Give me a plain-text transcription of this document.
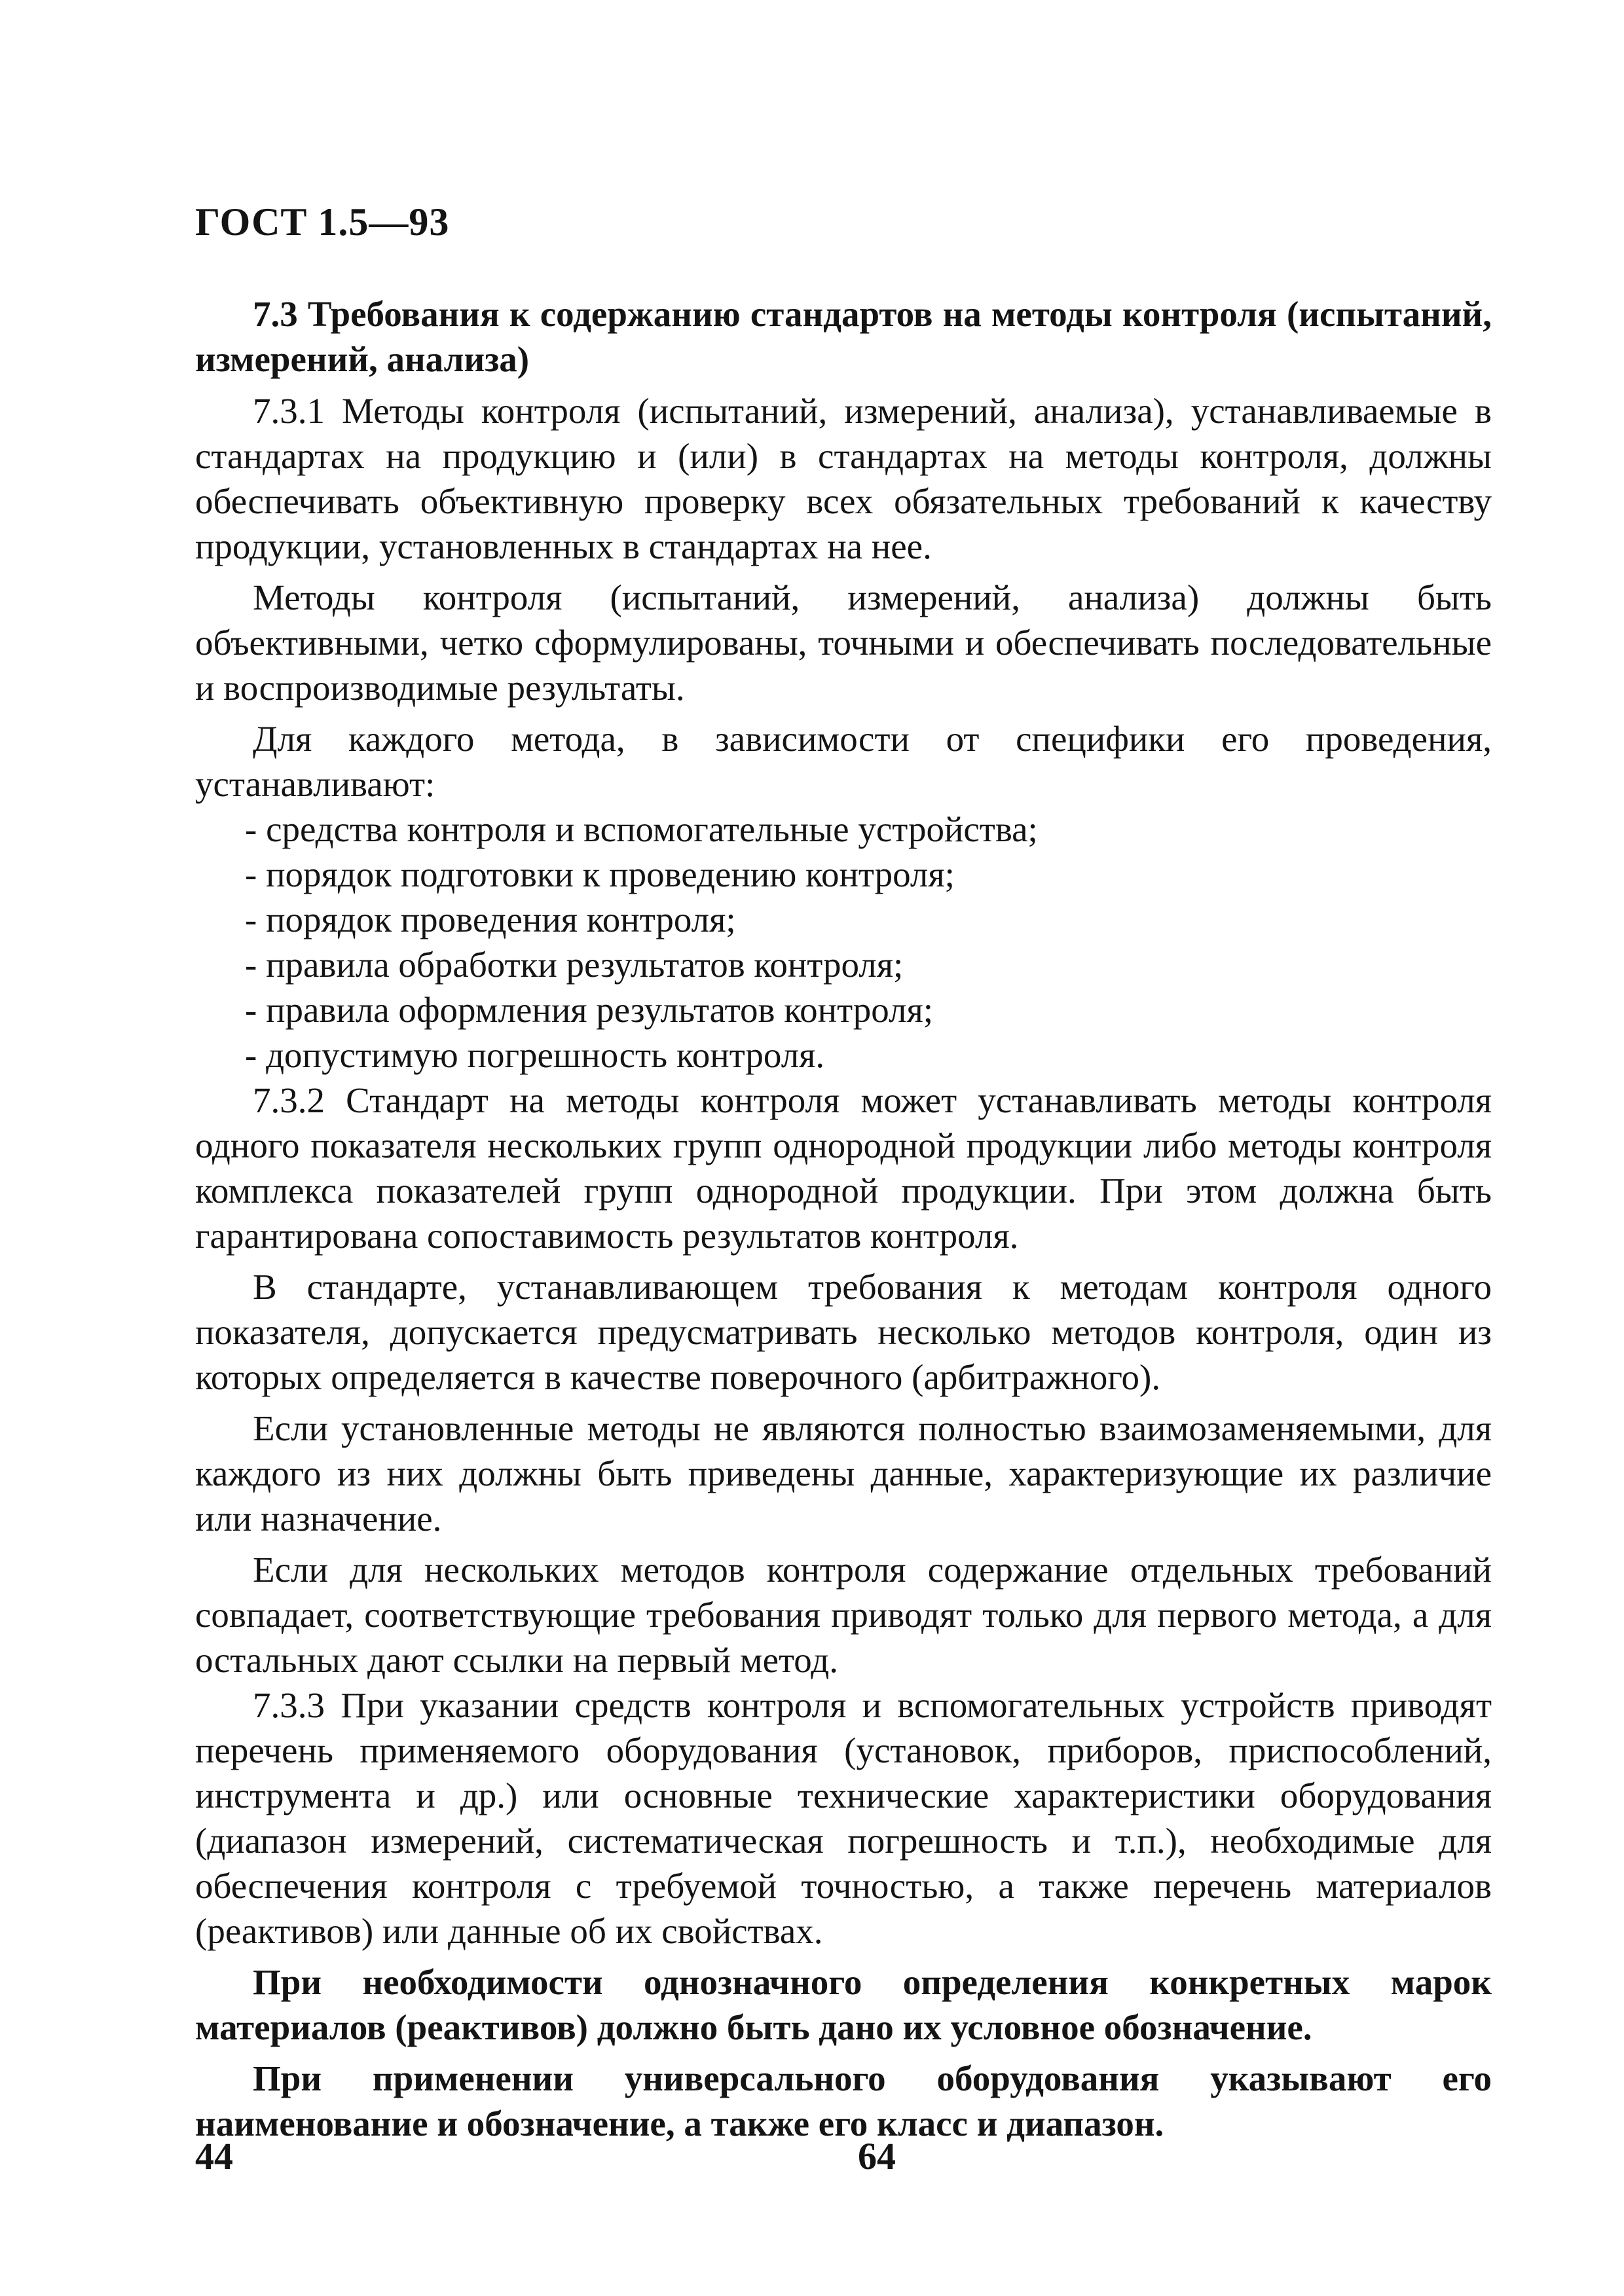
ГОСТ 1.5—93

7.3 Требования к содержанию стандартов на методы контроля (испытаний, измерений, анализа)

7.3.1 Методы контроля (испытаний, измерений, анализа), устанавливаемые в стандартах на продукцию и (или) в стандартах на методы контроля, должны обеспечивать объективную проверку всех обязательных требований к качеству продукции, установленных в стандартах на нее.

Методы контроля (испытаний, измерений, анализа) должны быть объективными, четко сформулированы, точными и обеспечивать последовательные и воспроизводимые результаты.

Для каждого метода, в зависимости от специфики его проведения, устанавливают:

- средства контроля и вспомогательные устройства;
- порядок подготовки к проведению контроля;
- порядок проведения контроля;
- правила обработки результатов контроля;
- правила оформления результатов контроля;
- допустимую погрешность контроля.

7.3.2 Стандарт на методы контроля может устанавливать методы контроля одного показателя нескольких групп однородной продукции либо методы контроля комплекса показателей групп однородной продукции. При этом должна быть гарантирована сопоставимость результатов контроля.

В стандарте, устанавливающем требования к методам контроля одного показателя, допускается предусматривать несколько методов контроля, один из которых определяется в качестве поверочного (арбитражного).

Если установленные методы не являются полностью взаимозаменяемыми, для каждого из них должны быть приведены данные, характеризующие их различие или назначение.

Если для нескольких методов контроля содержание отдельных требований совпадает, соответствующие требования приводят только для первого метода, а для остальных дают ссылки на первый метод.

7.3.3 При указании средств контроля и вспомогательных устройств приводят перечень применяемого оборудования (установок, приборов, приспособлений, инструмента и др.) или основные технические характеристики оборудования (диапазон измерений, систематическая погрешность и т.п.), необходимые для обеспечения контроля с требуемой точностью, а также перечень материалов (реактивов) или данные об их свойствах.

При необходимости однозначного определения конкретных марок материалов (реактивов) должно быть дано их условное обозначение.

При применении универсального оборудования указывают его наименование и обозначение, а также его класс и диапазон.

44	64
